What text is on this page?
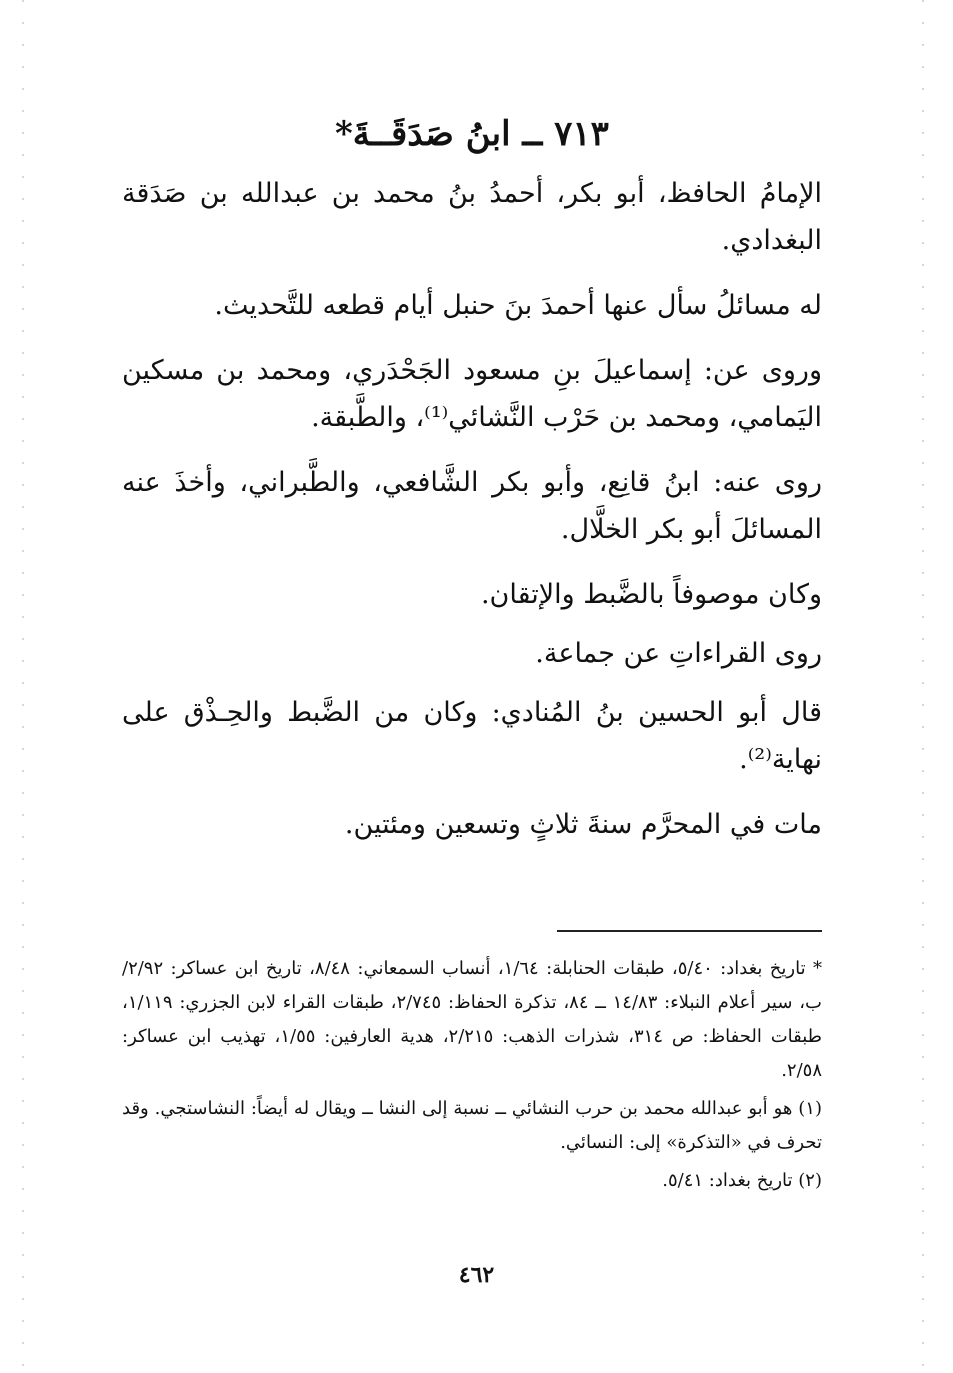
٧١٣ ــ ابنُ صَدَقَــةَ*

الإمامُ الحافظ، أبو بكر، أحمدُ بنُ محمد بن عبدالله بن صَدَقة البغدادي.

له مسائلُ سأل عنها أحمدَ بنَ حنبل أيام قطعه للتَّحديث.

وروى عن: إسماعيلَ بنِ مسعود الجَحْدَري، ومحمد بن مسكين اليَمامي، ومحمد بن حَرْب النَّشائي⁽¹⁾، والطَّبقة.

روى عنه: ابنُ قانِع، وأبو بكر الشَّافعي، والطَّبراني، وأخذَ عنه المسائلَ أبو بكر الخلَّال.

وكان موصوفاً بالضَّبط والإتقان.

روى القراءاتِ عن جماعة.

قال أبو الحسين بنُ المُنادي: وكان من الضَّبط والحِـذْق على نهاية⁽²⁾.

مات في المحرَّم سنةَ ثلاثٍ وتسعين ومئتين.

* تاريخ بغداد: ٥/٤٠، طبقات الحنابلة: ١/٦٤، أنساب السمعاني: ٨/٤٨، تاريخ ابن عساكر: ٢/٩٢/ب، سير أعلام النبلاء: ١٤/٨٣ ــ ٨٤، تذكرة الحفاظ: ٢/٧٤٥، طبقات القراء لابن الجزري: ١/١١٩، طبقات الحفاظ: ص ٣١٤، شذرات الذهب: ٢/٢١٥، هدية العارفين: ١/٥٥، تهذيب ابن عساكر: ٢/٥٨.

(١) هو أبو عبدالله محمد بن حرب النشائي ــ نسبة إلى النشا ــ ويقال له أيضاً: النشاستجي. وقد تحرف في «التذكرة» إلى: النسائي.

(٢) تاريخ بغداد: ٥/٤١.

٤٦٢
